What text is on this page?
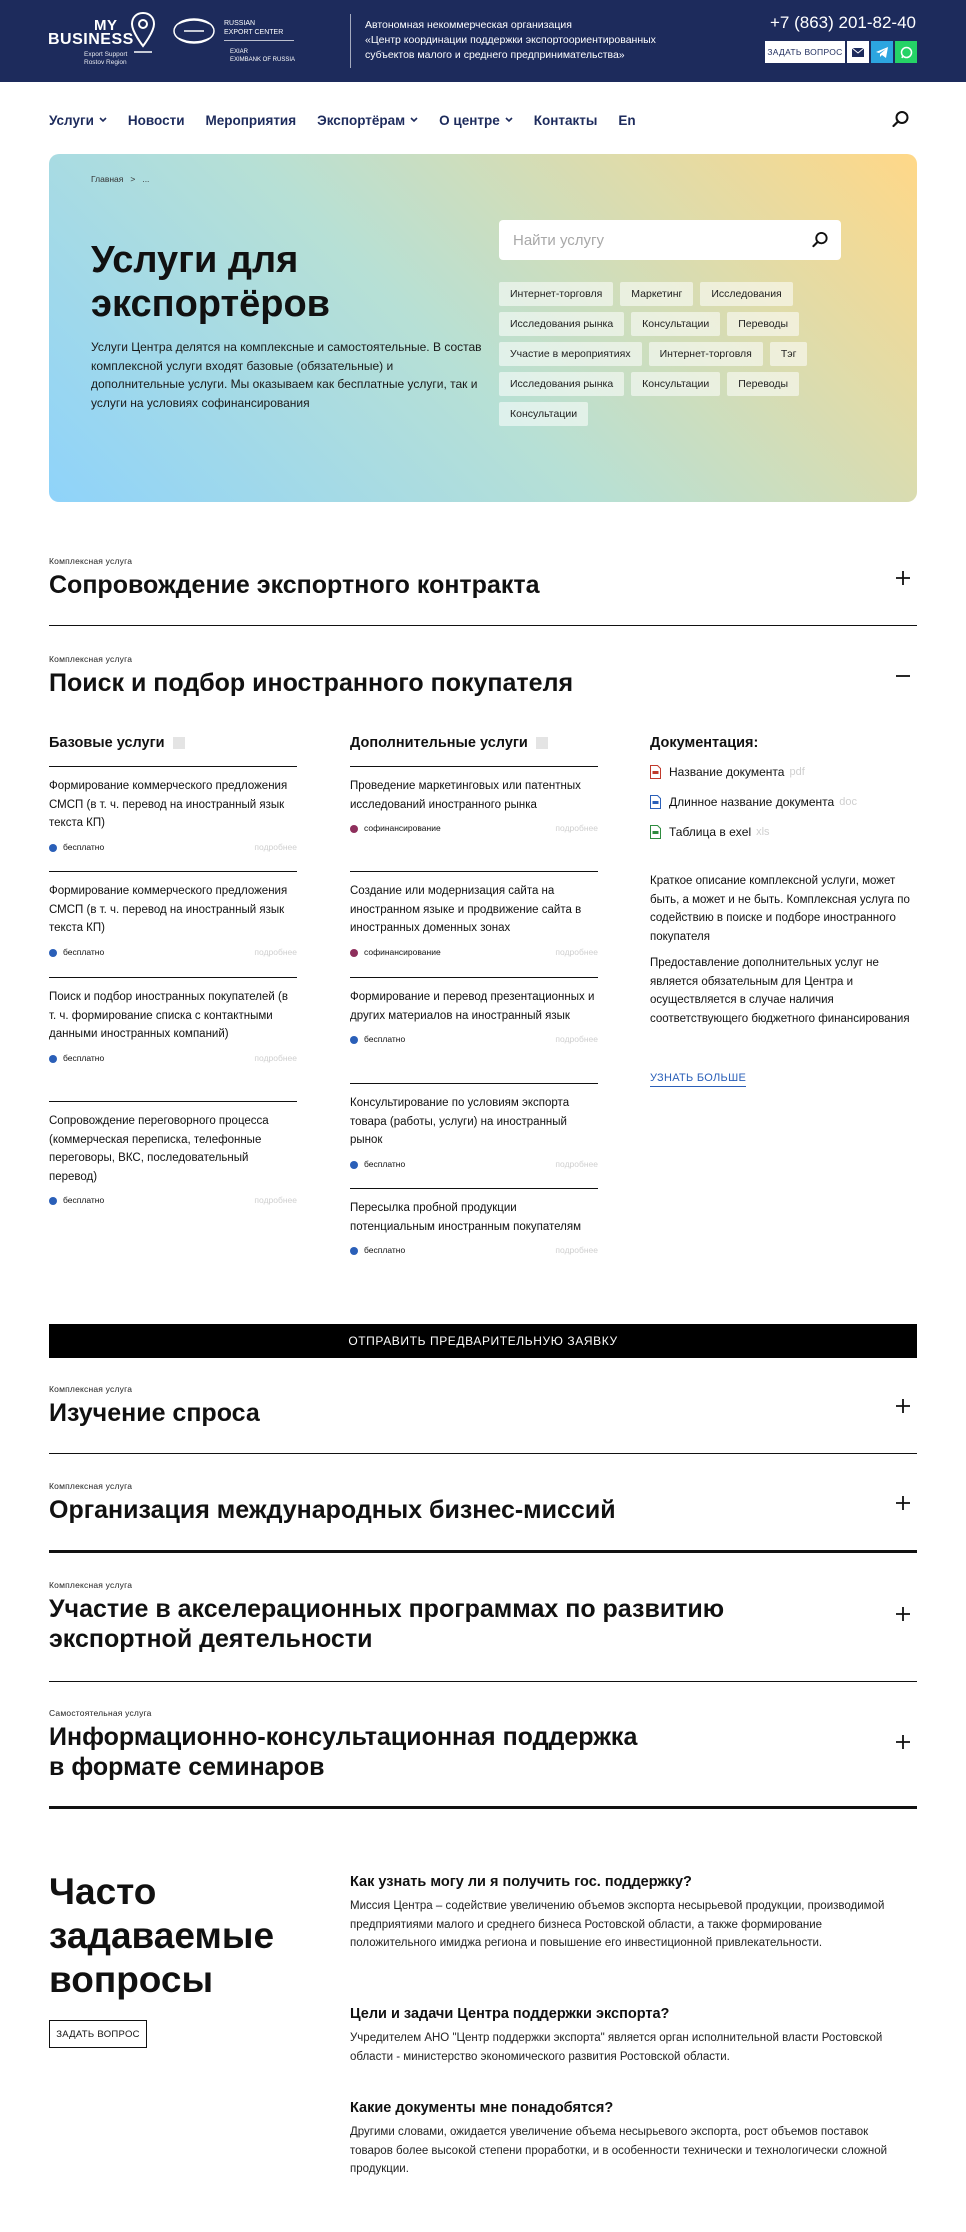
MY
BUSINESS
Export Support
Rostov Region
RUSSIAN
EXPORT CENTER
EXIAR
EXIMBANK OF RUSSIA
Автономная некоммерческая организация
«Центр координации поддержки экспортоориентированных
субъектов малого и среднего предпринимательства»
+7 (863) 201-82-40
ЗАДАТЬ ВОПРОС
Услуги	Новости Мероприятия Экспортёрам	О центре	Контакты En
Главная > ...
Услуги для
экспортёров
Услуги Центра делятся на комплексные и самостоятельные. В состав комплексной услуги входят базовые (обязательные) и дополнительные услуги. Мы оказываем как бесплатные услуги, так и услуги на условиях софинансирования
Найти услугу
Интернет-торговля	Маркетинг	Исследования
Исследования рынка	Консультации	Переводы
Участие в мероприятиях	Интернет-торговля	Тэг
Исследования рынка	Консультации	Переводы
Консультации
Комплексная услуга
Сопровождение экспортного контракта
Комплексная услуга
Поиск и подбор иностранного покупателя
Базовые услуги	Дополнительные услуги
Формирование коммерческого предложения СМСП (в т. ч. перевод на иностранный язык текста КП)
бесплатно	подробнее
Формирование коммерческого предложения СМСП (в т. ч. перевод на иностранный язык текста КП)
бесплатно	подробнее
Поиск и подбор иностранных покупателей (в т. ч. формирование списка с контактными данными иностранных компаний)
бесплатно	подробнее
Сопровождение переговорного процесса (коммерческая переписка, телефонные переговоры, ВКС, последовательный перевод)
бесплатно	подробнее
Проведение маркетинговых или патентных исследований иностранного рынка
софинансирование	подробнее
Создание или модернизация сайта на иностранном языке и продвижение сайта в иностранных доменных зонах
софинансирование	подробнее
Формирование и перевод презентационных и других материалов на иностранный язык
бесплатно	подробнее
Консультирование по условиям экспорта товара (работы, услуги) на иностранный рынок
бесплатно	подробнее
Пересылка пробной продукции потенциальным иностранным покупателям
бесплатно	подробнее
Документация:
Название документа pdf
Длинное название документа doc
Таблица в exel xls
Краткое описание комплексной услуги, может быть, а может и не быть. Комплексная услуга по содействию в поиске и подборе иностранного покупателя
Предоставление дополнительных услуг не является обязательным для Центра и осуществляется в случае наличия соответствующего бюджетного финансирования
УЗНАТЬ БОЛЬШЕ
ОТПРАВИТЬ ПРЕДВАРИТЕЛЬНУЮ ЗАЯВКУ
Комплексная услуга
Изучение спроса
Комплексная услуга
Организация международных бизнес-миссий
Комплексная услуга
Участие в акселерационных программах по развитию
экспортной деятельности
Самостоятельная услуга
Информационно-консультационная поддержка
в формате семинаров
Часто
задаваемые
вопросы
ЗАДАТЬ ВОПРОС
Как узнать могу ли я получить гос. поддержку?
Миссия Центра – содействие увеличению объемов экспорта несырьевой продукции, производимой предприятиями малого и среднего бизнеса Ростовской области, а также формирование положительного имиджа региона и повышение его инвестиционной привлекательности.
Цели и задачи Центра поддержки экспорта?
Учредителем АНО "Центр поддержки экспорта" является орган исполнительной власти Ростовской области - министерство экономического развития Ростовской области.
Какие документы мне понадобятся?
Другими словами, ожидается увеличение объема несырьевого экспорта, рост объемов поставок товаров более высокой степени проработки, и в особенности технически и технологически сложной продукции.
